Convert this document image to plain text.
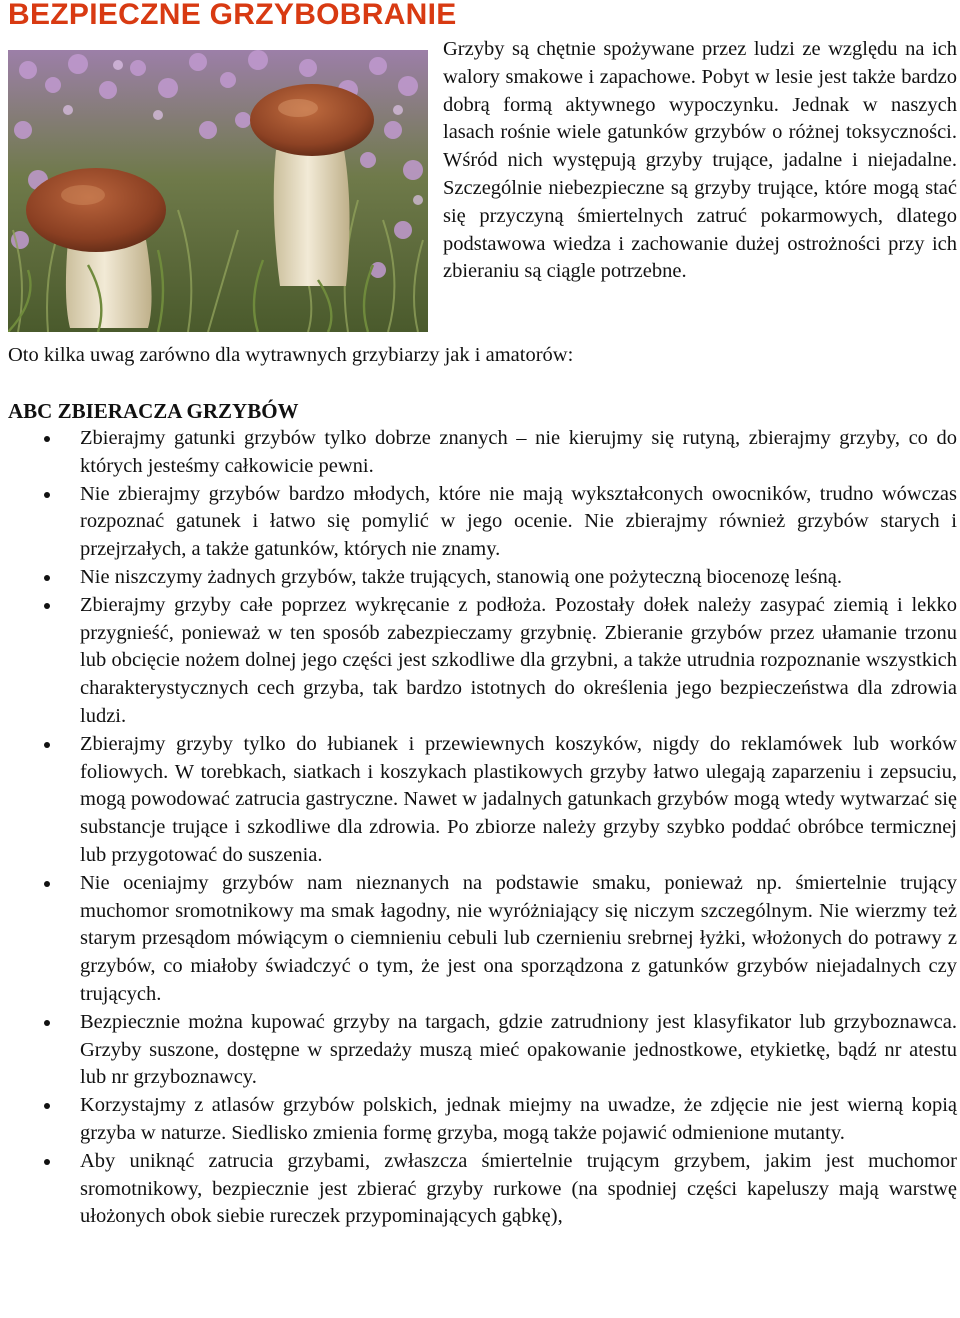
BEZPIECZNE GRZYBOBRANIE

Grzyby są chętnie spożywane przez ludzi ze względu na ich walory smakowe i zapachowe. Pobyt w lesie jest także bardzo dobrą formą aktywnego wypoczynku. Jednak w naszych lasach rośnie wiele gatunków grzybów o różnej toksyczności. Wśród nich występują grzyby trujące, jadalne i niejadalne. Szczególnie niebezpieczne są grzyby trujące, które mogą stać się przyczyną śmiertelnych zatruć pokarmowych, dlatego podstawowa wiedza i zachowanie dużej ostrożności przy ich zbieraniu są ciągle potrzebne.

Oto kilka uwag zarówno dla wytrawnych grzybiarzy jak i amatorów:

ABC ZBIERACZA GRZYBÓW
Zbierajmy gatunki grzybów tylko dobrze znanych – nie kierujmy się rutyną, zbierajmy grzyby, co do których jesteśmy całkowicie pewni.
Nie zbierajmy grzybów bardzo młodych, które nie mają wykształconych owocników, trudno wówczas rozpoznać gatunek i łatwo się pomylić w jego ocenie. Nie zbierajmy również grzybów starych i przejrzałych, a także gatunków, których nie znamy.
Nie niszczymy żadnych grzybów, także trujących, stanowią one pożyteczną biocenozę leśną.
Zbierajmy grzyby całe poprzez wykręcanie z podłoża. Pozostały dołek należy zasypać ziemią i lekko przygnieść, ponieważ w ten sposób zabezpieczamy grzybnię. Zbieranie grzybów przez ułamanie trzonu lub obcięcie nożem dolnej jego części jest szkodliwe dla grzybni, a także utrudnia rozpoznanie wszystkich charakterystycznych cech grzyba, tak bardzo istotnych do określenia jego bezpieczeństwa dla zdrowia ludzi.
Zbierajmy grzyby tylko do łubianek i przewiewnych koszyków, nigdy do reklamówek lub worków foliowych. W torebkach, siatkach i koszykach plastikowych grzyby łatwo ulegają zaparzeniu i zepsuciu, mogą powodować zatrucia gastryczne. Nawet w jadalnych gatunkach grzybów mogą wtedy wytwarzać się substancje trujące i szkodliwe dla zdrowia. Po zbiorze należy grzyby szybko poddać obróbce termicznej lub przygotować do suszenia.
Nie oceniajmy grzybów nam nieznanych na podstawie smaku, ponieważ np. śmiertelnie trujący muchomor sromotnikowy ma smak łagodny, nie wyróżniający się niczym szczególnym. Nie wierzmy też starym przesądom mówiącym o ciemnieniu cebuli lub czernieniu srebrnej łyżki, włożonych do potrawy z grzybów, co miałoby świadczyć o tym, że jest ona sporządzona z gatunków grzybów niejadalnych czy trujących.
Bezpiecznie można kupować grzyby na targach, gdzie zatrudniony jest klasyfikator lub grzyboznawca. Grzyby suszone, dostępne w sprzedaży muszą mieć opakowanie jednostkowe, etykietkę, bądź nr atestu lub nr grzyboznawcy.
Korzystajmy z atlasów grzybów polskich, jednak miejmy na uwadze, że zdjęcie nie jest wierną kopią grzyba w naturze. Siedlisko zmienia formę grzyba, mogą także pojawić odmienione mutanty.
Aby uniknąć zatrucia grzybami, zwłaszcza śmiertelnie trującym grzybem, jakim jest muchomor sromotnikowy, bezpiecznie jest zbierać grzyby rurkowe (na spodniej części kapeluszy mają warstwę ułożonych obok siebie rureczek przypominających gąbkę),
